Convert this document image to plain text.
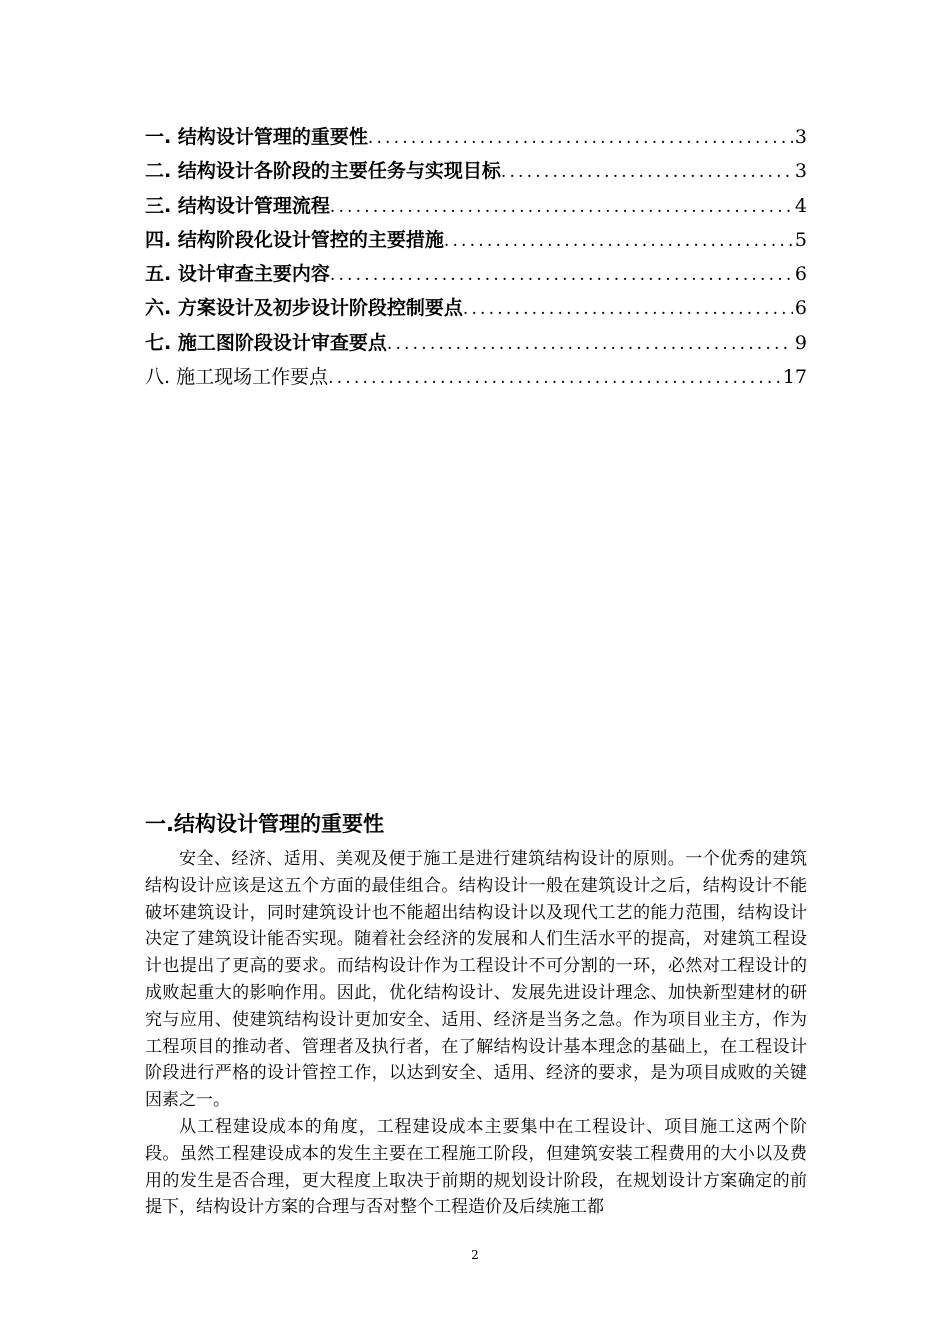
一. 结构设计管理的重要性 .....	3
二. 结构设计各阶段的主要任务与实现目标 .....	3
三. 结构设计管理流程 .....	4
四. 结构阶段化设计管控的主要措施 .....	5
五. 设计审查主要内容 .....	6
六. 方案设计及初步设计阶段控制要点 .....	6
七. 施工图阶段设计审查要点 .....	9
八. 施工现场工作要点 .....	17
一.结构设计管理的重要性

安全、经济、适用、美观及便于施工是进行建筑结构设计的原则。一个优秀的建筑结构设计应该是这五个方面的最佳组合。结构设计一般在建筑设计之后，结构设计不能破坏建筑设计，同时建筑设计也不能超出结构设计以及现代工艺的能力范围，结构设计决定了建筑设计能否实现。随着社会经济的发展和人们生活水平的提高，对建筑工程设计也提出了更高的要求。而结构设计作为工程设计不可分割的一环，必然对工程设计的成败起重大的影响作用。因此，优化结构设计、发展先进设计理念、加快新型建材的研究与应用、使建筑结构设计更加安全、适用、经济是当务之急。作为项目业主方，作为工程项目的推动者、管理者及执行者，在了解结构设计基本理念的基础上，在工程设计阶段进行严格的设计管控工作，以达到安全、适用、经济的要求，是为项目成败的关键因素之一。

从工程建设成本的角度，工程建设成本主要集中在工程设计、项目施工这两个阶段。虽然工程建设成本的发生主要在工程施工阶段，但建筑安装工程费用的大小以及费用的发生是否合理，更大程度上取决于前期的规划设计阶段，在规划设计方案确定的前提下，结构设计方案的合理与否对整个工程造价及后续施工都

2
